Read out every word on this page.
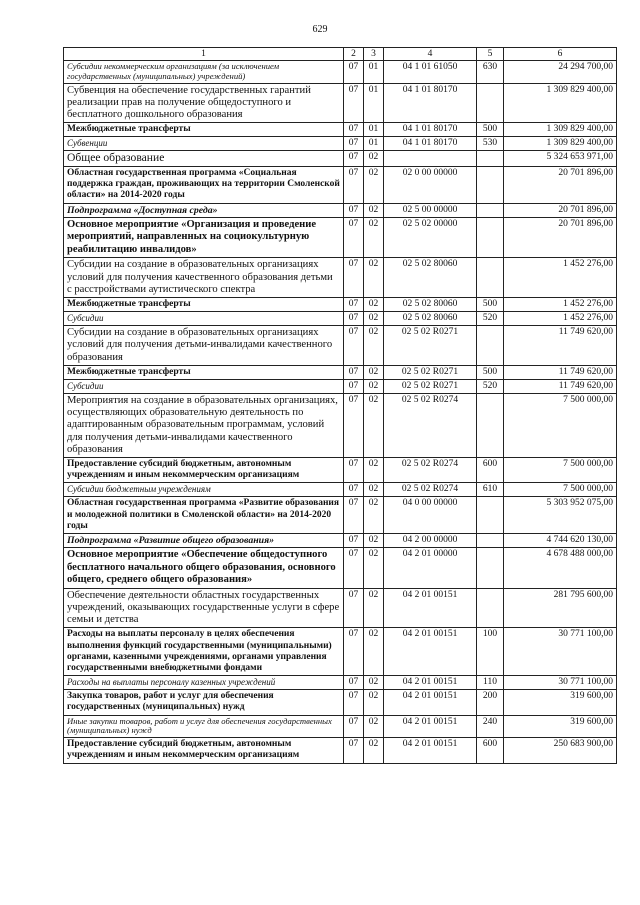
629
1	2	3	4	5	6
Субсидии некоммерческим организациям (за исключением государственных (муниципальных) учреждений)	07	01	04 1 01 61050	630	24 294 700,00
Субвенция на обеспечение государственных гарантий реализации прав на получение общедоступного и бесплатного дошкольного образования	07	01	04 1 01 80170		1 309 829 400,00
Межбюджетные трансферты	07	01	04 1 01 80170	500	1 309 829 400,00
Субвенции	07	01	04 1 01 80170	530	1 309 829 400,00
Общее образование	07	02			5 324 653 971,00
Областная государственная программа «Социальная поддержка граждан, проживающих на территории Смоленской области» на 2014-2020 годы	07	02	02 0 00 00000		20 701 896,00
Подпрограмма «Доступная среда»	07	02	02 5 00 00000		20 701 896,00
Основное мероприятие «Организация и проведение мероприятий, направленных на социокультурную реабилитацию инвалидов»	07	02	02 5 02 00000		20 701 896,00
Субсидии на создание в образовательных организациях условий для получения качественного образования детьми с расстройствами аутистического спектра	07	02	02 5 02 80060		1 452 276,00
Межбюджетные трансферты	07	02	02 5 02 80060	500	1 452 276,00
Субсидии	07	02	02 5 02 80060	520	1 452 276,00
Субсидии на создание в образовательных организациях условий для получения детьми-инвалидами качественного образования	07	02	02 5 02 R0271		11 749 620,00
Межбюджетные трансферты	07	02	02 5 02 R0271	500	11 749 620,00
Субсидии	07	02	02 5 02 R0271	520	11 749 620,00
Мероприятия на создание в образовательных организациях, осуществляющих образовательную деятельность по адаптированным образовательным программам, условий для получения детьми-инвалидами качественного образования	07	02	02 5 02 R0274		7 500 000,00
Предоставление субсидий бюджетным, автономным учреждениям и иным некоммерческим организациям	07	02	02 5 02 R0274	600	7 500 000,00
Субсидии бюджетным учреждениям	07	02	02 5 02 R0274	610	7 500 000,00
Областная государственная программа «Развитие образования и молодежной политики в Смоленской области» на 2014-2020 годы	07	02	04 0 00 00000		5 303 952 075,00
Подпрограмма «Развитие общего образования»	07	02	04 2 00 00000		4 744 620 130,00
Основное мероприятие «Обеспечение общедоступного бесплатного начального общего образования, основного общего, среднего общего образования»	07	02	04 2 01 00000		4 678 488 000,00
Обеспечение деятельности областных государственных учреждений, оказывающих государственные услуги в сфере семьи и детства	07	02	04 2 01 00151		281 795 600,00
Расходы на выплаты персоналу в целях обеспечения выполнения функций государственными (муниципальными) органами, казенными учреждениями, органами управления государственными внебюджетными фондами	07	02	04 2 01 00151	100	30 771 100,00
Расходы на выплаты персоналу казенных учреждений	07	02	04 2 01 00151	110	30 771 100,00
Закупка товаров, работ и услуг для обеспечения государственных (муниципальных) нужд	07	02	04 2 01 00151	200	319 600,00
Иные закупки товаров, работ и услуг для обеспечения государственных (муниципальных) нужд	07	02	04 2 01 00151	240	319 600,00
Предоставление субсидий бюджетным, автономным учреждениям и иным некоммерческим организациям	07	02	04 2 01 00151	600	250 683 900,00
